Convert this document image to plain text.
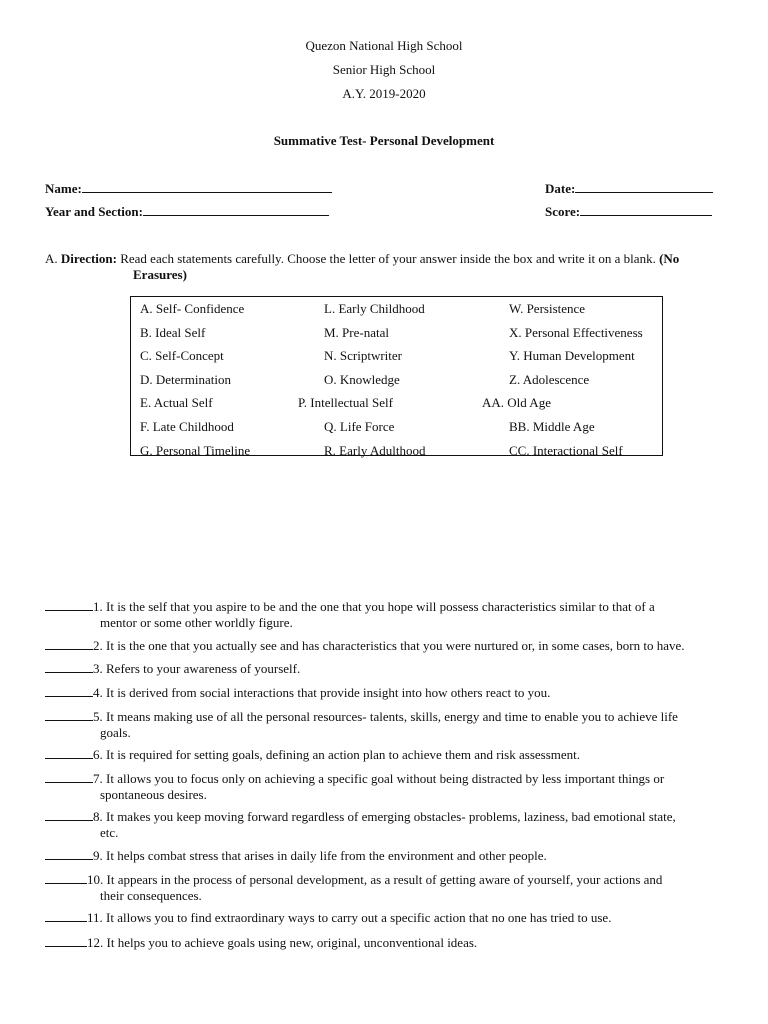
Quezon National High School
Senior High School
A.Y. 2019-2020
Summative Test- Personal Development
Name:	Date:
Year and Section:	Score:
A. Direction: Read each statements carefully. Choose the letter of your answer inside the box and write it on a blank. (No
Erasures)
A. Self- Confidence
B. Ideal Self
C. Self-Concept
D. Determination
E. Actual Self
F. Late Childhood
G. Personal Timeline
L. Early Childhood
M. Pre-natal
N. Scriptwriter
O. Knowledge
P. Intellectual Self
Q. Life Force
R. Early Adulthood
W. Persistence
X. Personal Effectiveness
Y. Human Development
Z. Adolescence
AA. Old Age
BB. Middle Age
CC. Interactional Self
1. It is the self that you aspire to be and the one that you hope will possess characteristics similar to that of a
mentor or some other worldly figure.
2. It is the one that you actually see and has characteristics that you were nurtured or, in some cases, born to have.
3. Refers to your awareness of yourself.
4. It is derived from social interactions that provide insight into how others react to you.
5. It means making use of all the personal resources- talents, skills, energy and time to enable you to achieve life
goals.
6. It is required for setting goals, defining an action plan to achieve them and risk assessment.
7. It allows you to focus only on achieving a specific goal without being distracted by less important things or
spontaneous desires.
8. It makes you keep moving forward regardless of emerging obstacles- problems, laziness, bad emotional state,
etc.
9. It helps combat stress that arises in daily life from the environment and other people.
10. It appears in the process of personal development, as a result of getting aware of yourself, your actions and
their consequences.
11. It allows you to find extraordinary ways to carry out a specific action that no one has tried to use.
12. It helps you to achieve goals using new, original, unconventional ideas.
